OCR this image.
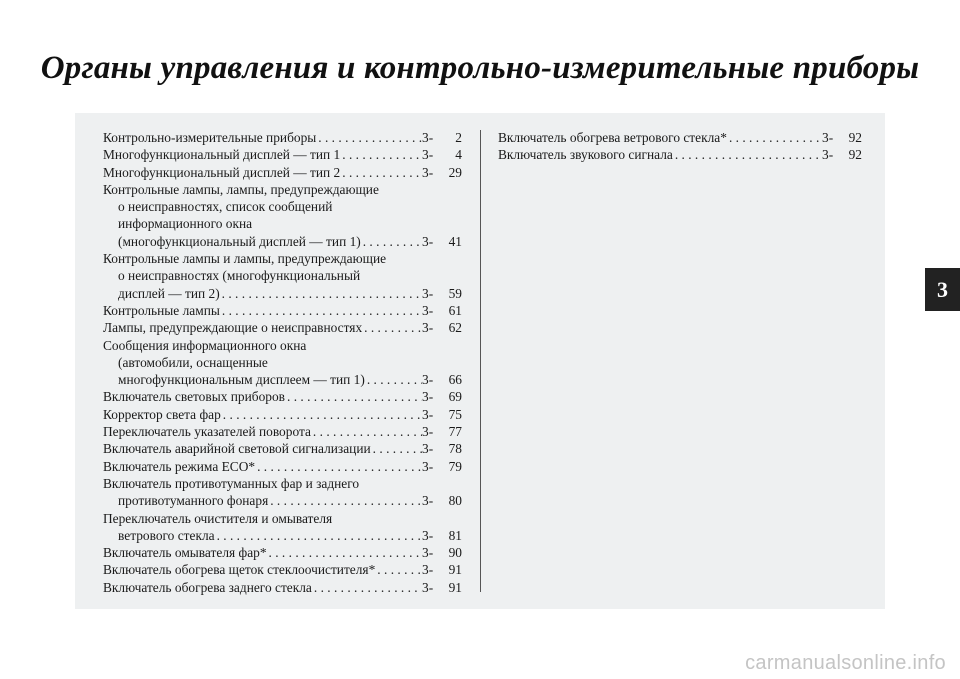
Органы управления и контрольно-измерительные приборы
Контрольно-измерительные приборы . . .	3-	2
Многофункциональный дисплей — тип 1 . . .	3-	4
Многофункциональный дисплей — тип 2 . . .	3-	29
Контрольные лампы, лампы, предупреждающие
о неисправностях, список сообщений
информационного окна
(многофункциональный дисплей — тип 1) . . .	3-	41
Контрольные лампы и лампы, предупреждающие
о неисправностях (многофункциональный
дисплей — тип 2) . . .	3-	59
Контрольные лампы . . .	3-	61
Лампы, предупреждающие о неисправностях . . .	3-	62
Сообщения информационного окна
(автомобили, оснащенные
многофункциональным дисплеем — тип 1) . . .	3-	66
Включатель световых приборов . . .	3-	69
Корректор света фар . . .	3-	75
Переключатель указателей поворота . . .	3-	77
Включатель аварийной световой сигнализации . . .	3-	78
Включатель режима ECO* . . .	3-	79
Включатель противотуманных фар и заднего
противотуманного фонаря . . .	3-	80
Переключатель очистителя и омывателя
ветрового стекла . . .	3-	81
Включатель омывателя фар* . . .	3-	90
Включатель обогрева щеток стеклоочистителя* . . .	3-	91
Включатель обогрева заднего стекла . . .	3-	91
Включатель обогрева ветрового стекла* . . .	3-	92
Включатель звукового сигнала . . .	3-	92
3
carmanualsonline.info
